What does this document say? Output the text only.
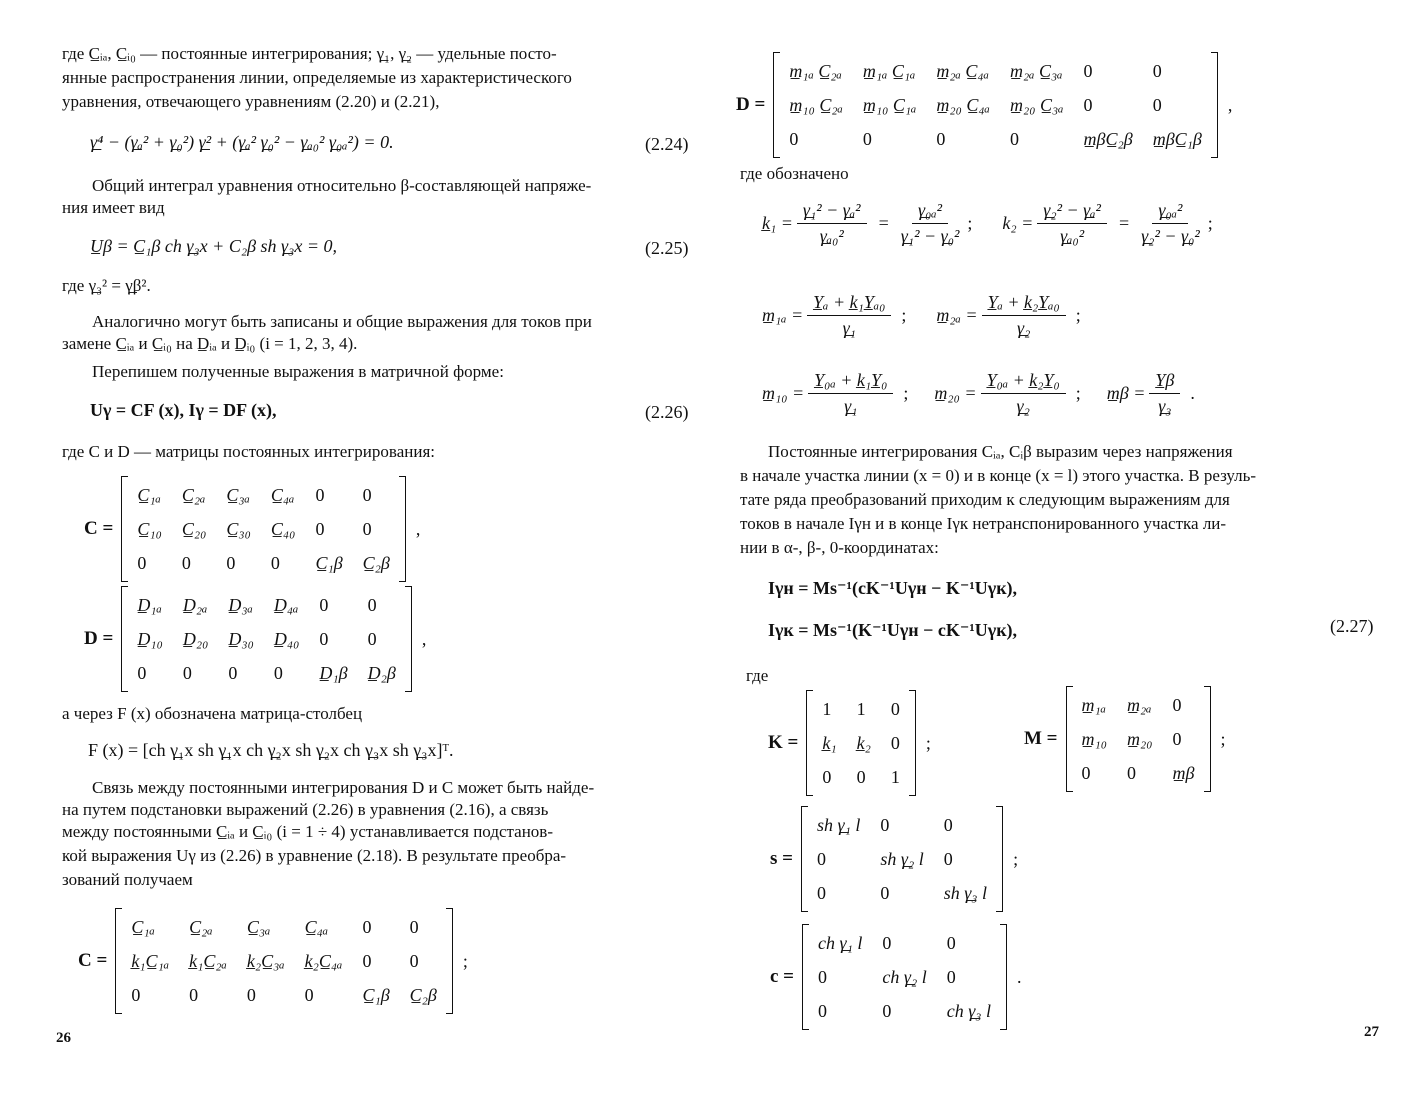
где C̲ᵢₐ, C̲ᵢ₀ — постоянные интегрирования; γ̲₁, γ̲₂ — удельные посто-
янные распространения линии, определяемые из характеристического
уравнения, отвечающего уравнениям (2.20) и (2.21),
γ̲⁴ − (γ̲ₐ² + γ̲₀²) γ̲² + (γ̲ₐ² γ̲₀² − γ̲ₐ₀² γ̲₀ₐ²) = 0.	(2.24)
Общий интеграл уравнения относительно β-составляющей напряже-
ния имеет вид
U̲β = C̲₁β ch γ̲₃x + C₂β sh γ̲₃x = 0,	(2.25)
где γ̲₃² = γ̲β².
Аналогично могут быть записаны и общие выражения для токов при
замене C̲ᵢₐ и C̲ᵢ₀ на D̲ᵢₐ и D̲ᵢ₀ (i = 1, 2, 3, 4).
Перепишем полученные выражения в матричной форме:
Uγ = CF (x), Iγ = DF (x),	(2.26)
где C и D — матрицы постоянных интегрирования:
C =
C̲₁ₐ	C̲₂ₐ	C̲₃ₐ	C̲₄ₐ	0	0
C̲₁₀	C̲₂₀	C̲₃₀	C̲₄₀	0	0
0	0	0	0	C̲₁β	C̲₂β
,
D =
D̲₁ₐ	D̲₂ₐ	D̲₃ₐ	D̲₄ₐ	0	0
D̲₁₀	D̲₂₀	D̲₃₀	D̲₄₀	0	0
0	0	0	0	D̲₁β	D̲₂β
,
а через F (x) обозначена матрица-столбец
F (x) = [ch γ̲₁x sh γ̲₁x ch γ̲₂x sh γ̲₂x ch γ̲₃x sh γ̲₃x]ᵀ.
Связь между постоянными интегрирования D и C может быть найде-
на путем подстановки выражений (2.26) в уравнения (2.16), а связь
между постоянными C̲ᵢₐ и C̲ᵢ₀ (i = 1 ÷ 4) устанавливается подстанов-
кой выражения Uγ из (2.26) в уравнение (2.18). В результате преобра-
зований получаем
C =
C̲₁ₐ	C̲₂ₐ	C̲₃ₐ	C̲₄ₐ	0	0
k̲₁C̲₁ₐ	k̲₁C̲₂ₐ	k̲₂C̲₃ₐ	k̲₂C̲₄ₐ	0	0
0	0	0	0	C̲₁β	C̲₂β
;
26
D =
m̲₁ₐ C̲₂ₐ	m̲₁ₐ C̲₁ₐ	m̲₂ₐ C̲₄ₐ	m̲₂ₐ C̲₃ₐ	0	0
m̲₁₀ C̲₂ₐ	m̲₁₀ C̲₁ₐ	m̲₂₀ C̲₄ₐ	m̲₂₀ C̲₃ₐ	0	0
0	0	0	0	m̲βC̲₂β	m̲βC̲₁β
,
где обозначено
k̲₁ = $\frac{\text{γ̲₁² − γ̲ₐ²}}{\text{γ̲ₐ₀²}} = \frac{\text{γ̲₀ₐ²}}{\text{γ̲₁² − γ̲₀²}}$ ; $k_2 = \frac{\text{γ̲₂² − γ̲ₐ²}}{\text{γ̲ₐ₀²}} = \frac{\text{γ̲₀ₐ²}}{\text{γ̲₂² − γ̲₀²}}$ ;
m̲₁ₐ = $\frac{\text{Y̲ₐ + k̲₁Y̲ₐ₀}}{\text{γ̲₁}}$ ; m̲₂ₐ = $\frac{\text{Y̲ₐ + k̲₂Y̲ₐ₀}}{\text{γ̲₂}}$ ;
m̲₁₀ = $\frac{\text{Y̲₀ₐ + k̲₁Y̲₀}}{\text{γ̲₁}}$ ; m̲₂₀ = $\frac{\text{Y̲₀ₐ + k̲₂Y̲₀}}{\text{γ̲₂}}$ ; m̲β = $\frac{Y̲\beta}{\text{γ̲₃}}$ .
Постоянные интегрирования Cᵢₐ, Cᵢβ выразим через напряжения
в начале участка линии (x = 0) и в конце (x = l) этого участка. В резуль-
тате ряда преобразований приходим к следующим выражениям для
токов в начале Iγн и в конце Iγк нетранспонированного участка ли-
нии в α-, β-, 0-координатах:
Iγн = Ms⁻¹(cK⁻¹Uγн − K⁻¹Uγк),
Iγк = Ms⁻¹(K⁻¹Uγн − cK⁻¹Uγк),	(2.27)
где
K =
1	1	0
k̲₁	k̲₂	0
0	0	1
;	M =
m̲₁ₐ	m̲₂ₐ	0
m̲₁₀	m̲₂₀	0
0	0	m̲β
;
s =
sh γ̲₁ l	0	0
0	sh γ̲₂ l	0
0	0	sh γ̲₃ l
;
c =
ch γ̲₁ l	0	0
0	ch γ̲₂ l	0
0	0	ch γ̲₃ l
.
27
